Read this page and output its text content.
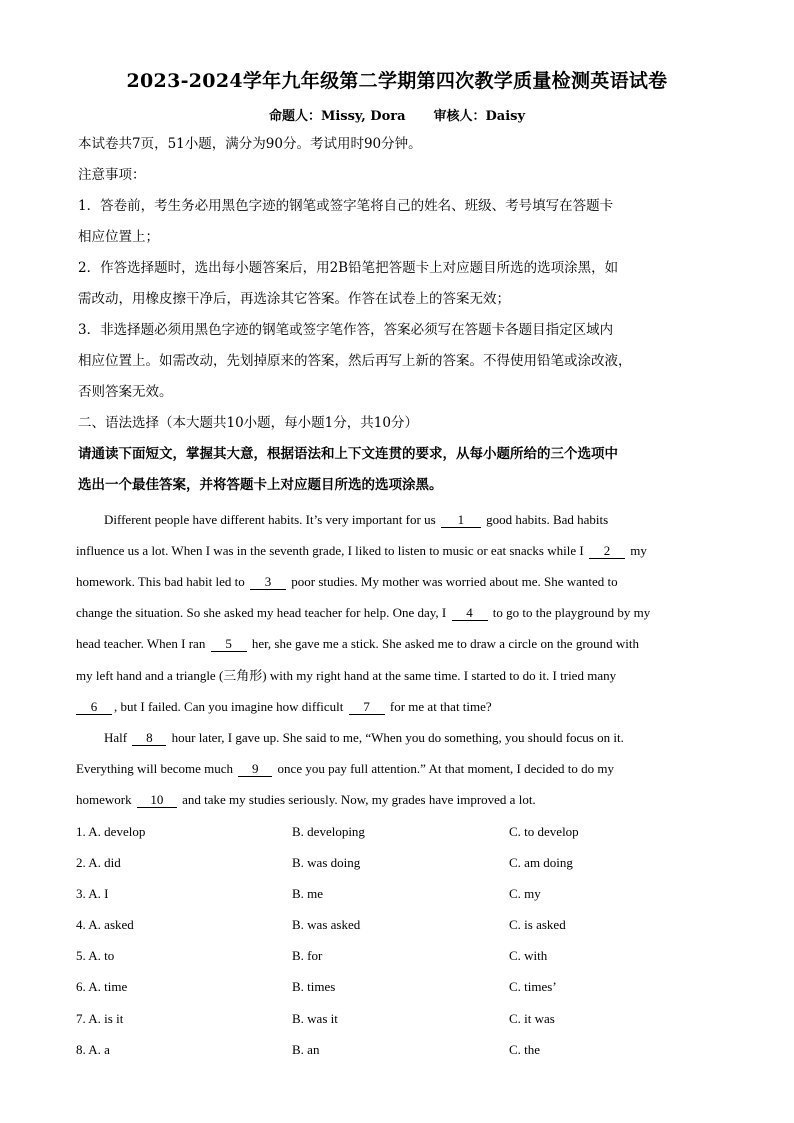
2023-2024学年九年级第二学期第四次教学质量检测英语试卷
命题人：Missy, Dora 审核人：Daisy
本试卷共7页，51小题，满分为90分。考试用时90分钟。
注意事项：
1．答卷前，考生务必用黑色字迹的钢笔或签字笔将自己的姓名、班级、考号填写在答题卡
相应位置上；
2．作答选择题时，选出每小题答案后，用2B铅笔把答题卡上对应题目所选的选项涂黑，如
需改动，用橡皮擦干净后，再选涂其它答案。作答在试卷上的答案无效；
3．非选择题必须用黑色字迹的钢笔或签字笔作答，答案必须写在答题卡各题目指定区域内
相应位置上。如需改动，先划掉原来的答案，然后再写上新的答案。不得使用铅笔或涂改液，
否则答案无效。
二、语法选择（本大题共10小题，每小题1分，共10分）
请通读下面短文，掌握其大意，根据语法和上下文连贯的要求，从每小题所给的三个选项中
选出一个最佳答案，并将答题卡上对应题目所选的选项涂黑。
Different people have different habits. It’s very important for us 1 good habits. Bad habits
influence us a lot. When I was in the seventh grade, I liked to listen to music or eat snacks while I 2 my
homework. This bad habit led to 3 poor studies. My mother was worried about me. She wanted to
change the situation. So she asked my head teacher for help. One day, I 4 to go to the playground by my
head teacher. When I ran 5 her, she gave me a stick. She asked me to draw a circle on the ground with
my left hand and a triangle (三角形) with my right hand at the same time. I started to do it. I tried many
6 , but I failed. Can you imagine how difficult 7 for me at that time?
Half 8 hour later, I gave up. She said to me, “When you do something, you should focus on it.
Everything will become much 9 once you pay full attention.” At that moment, I decided to do my
homework 10 and take my studies seriously. Now, my grades have improved a lot.
1. A. develop	B. developing	C. to develop
2. A. did	B. was doing	C. am doing
3. A. I	B. me	C. my
4. A. asked	B. was asked	C. is asked
5. A. to	B. for	C. with
6. A. time	B. times	C. times’
7. A. is it	B. was it	C. it was
8. A. a	B. an	C. the
